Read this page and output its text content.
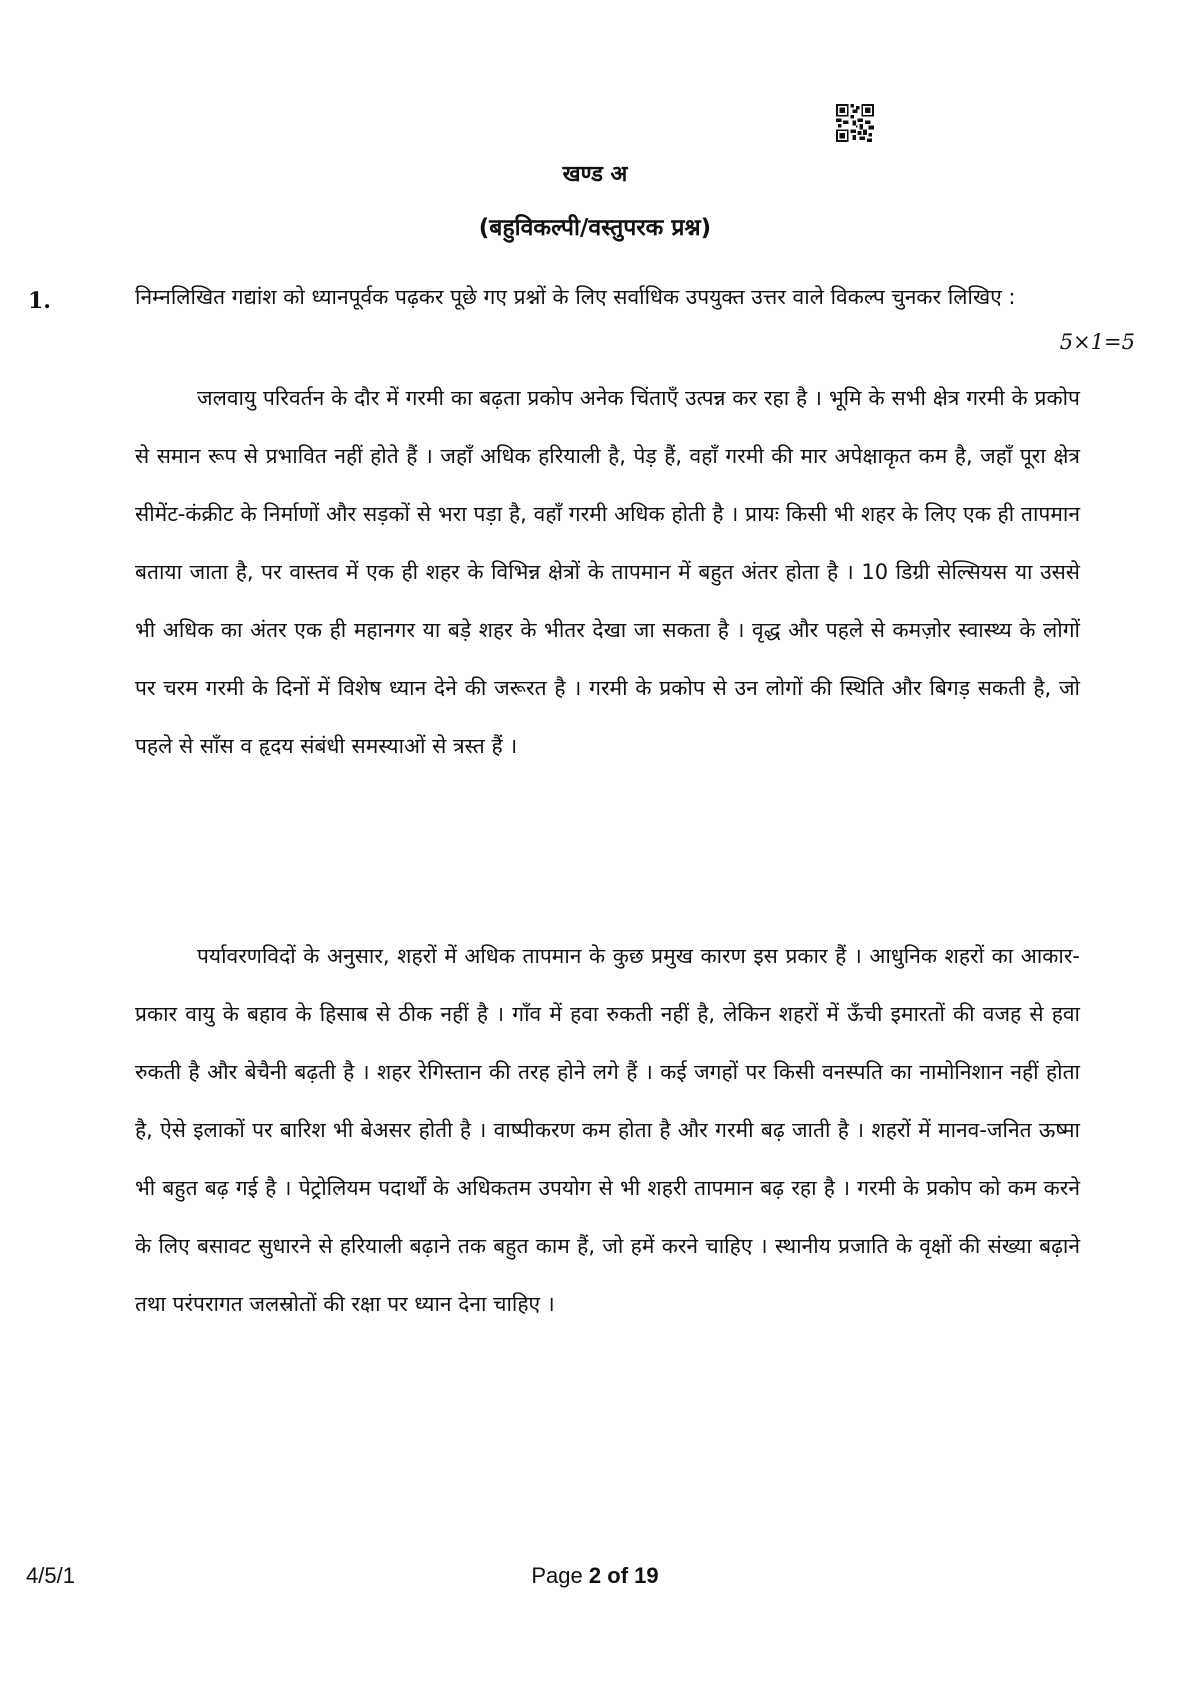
खण्ड अ
(बहुविकल्पी/वस्तुपरक प्रश्न)
1.	निम्नलिखित गद्यांश को ध्यानपूर्वक पढ़कर पूछे गए प्रश्नों के लिए सर्वाधिक उपयुक्त उत्तर वाले विकल्प चुनकर लिखिए :
5×1=5

जलवायु परिवर्तन के दौर में गरमी का बढ़ता प्रकोप अनेक चिंताएँ उत्पन्न कर रहा है । भूमि के सभी क्षेत्र गरमी के प्रकोप से समान रूप से प्रभावित नहीं होते हैं । जहाँ अधिक हरियाली है, पेड़ हैं, वहाँ गरमी की मार अपेक्षाकृत कम है, जहाँ पूरा क्षेत्र सीमेंट-कंक्रीट के निर्माणों और सड़कों से भरा पड़ा है, वहाँ गरमी अधिक होती है । प्रायः किसी भी शहर के लिए एक ही तापमान बताया जाता है, पर वास्तव में एक ही शहर के विभिन्न क्षेत्रों के तापमान में बहुत अंतर होता है । 10 डिग्री सेल्सियस या उससे भी अधिक का अंतर एक ही महानगर या बड़े शहर के भीतर देखा जा सकता है । वृद्ध और पहले से कमज़ोर स्वास्थ्य के लोगों पर चरम गरमी के दिनों में विशेष ध्यान देने की जरूरत है । गरमी के प्रकोप से उन लोगों की स्थिति और बिगड़ सकती है, जो पहले से साँस व हृदय संबंधी समस्याओं से त्रस्त हैं ।

पर्यावरणविदों के अनुसार, शहरों में अधिक तापमान के कुछ प्रमुख कारण इस प्रकार हैं । आधुनिक शहरों का आकार-प्रकार वायु के बहाव के हिसाब से ठीक नहीं है । गाँव में हवा रुकती नहीं है, लेकिन शहरों में ऊँची इमारतों की वजह से हवा रुकती है और बेचैनी बढ़ती है । शहर रेगिस्तान की तरह होने लगे हैं । कई जगहों पर किसी वनस्पति का नामोनिशान नहीं होता है, ऐसे इलाकों पर बारिश भी बेअसर होती है । वाष्पीकरण कम होता है और गरमी बढ़ जाती है । शहरों में मानव-जनित ऊष्मा भी बहुत बढ़ गई है । पेट्रोलियम पदार्थों के अधिकतम उपयोग से भी शहरी तापमान बढ़ रहा है । गरमी के प्रकोप को कम करने के लिए बसावट सुधारने से हरियाली बढ़ाने तक बहुत काम हैं, जो हमें करने चाहिए । स्थानीय प्रजाति के वृक्षों की संख्या बढ़ाने तथा परंपरागत जलस्रोतों की रक्षा पर ध्यान देना चाहिए ।

4/5/1	Page 2 of 19
